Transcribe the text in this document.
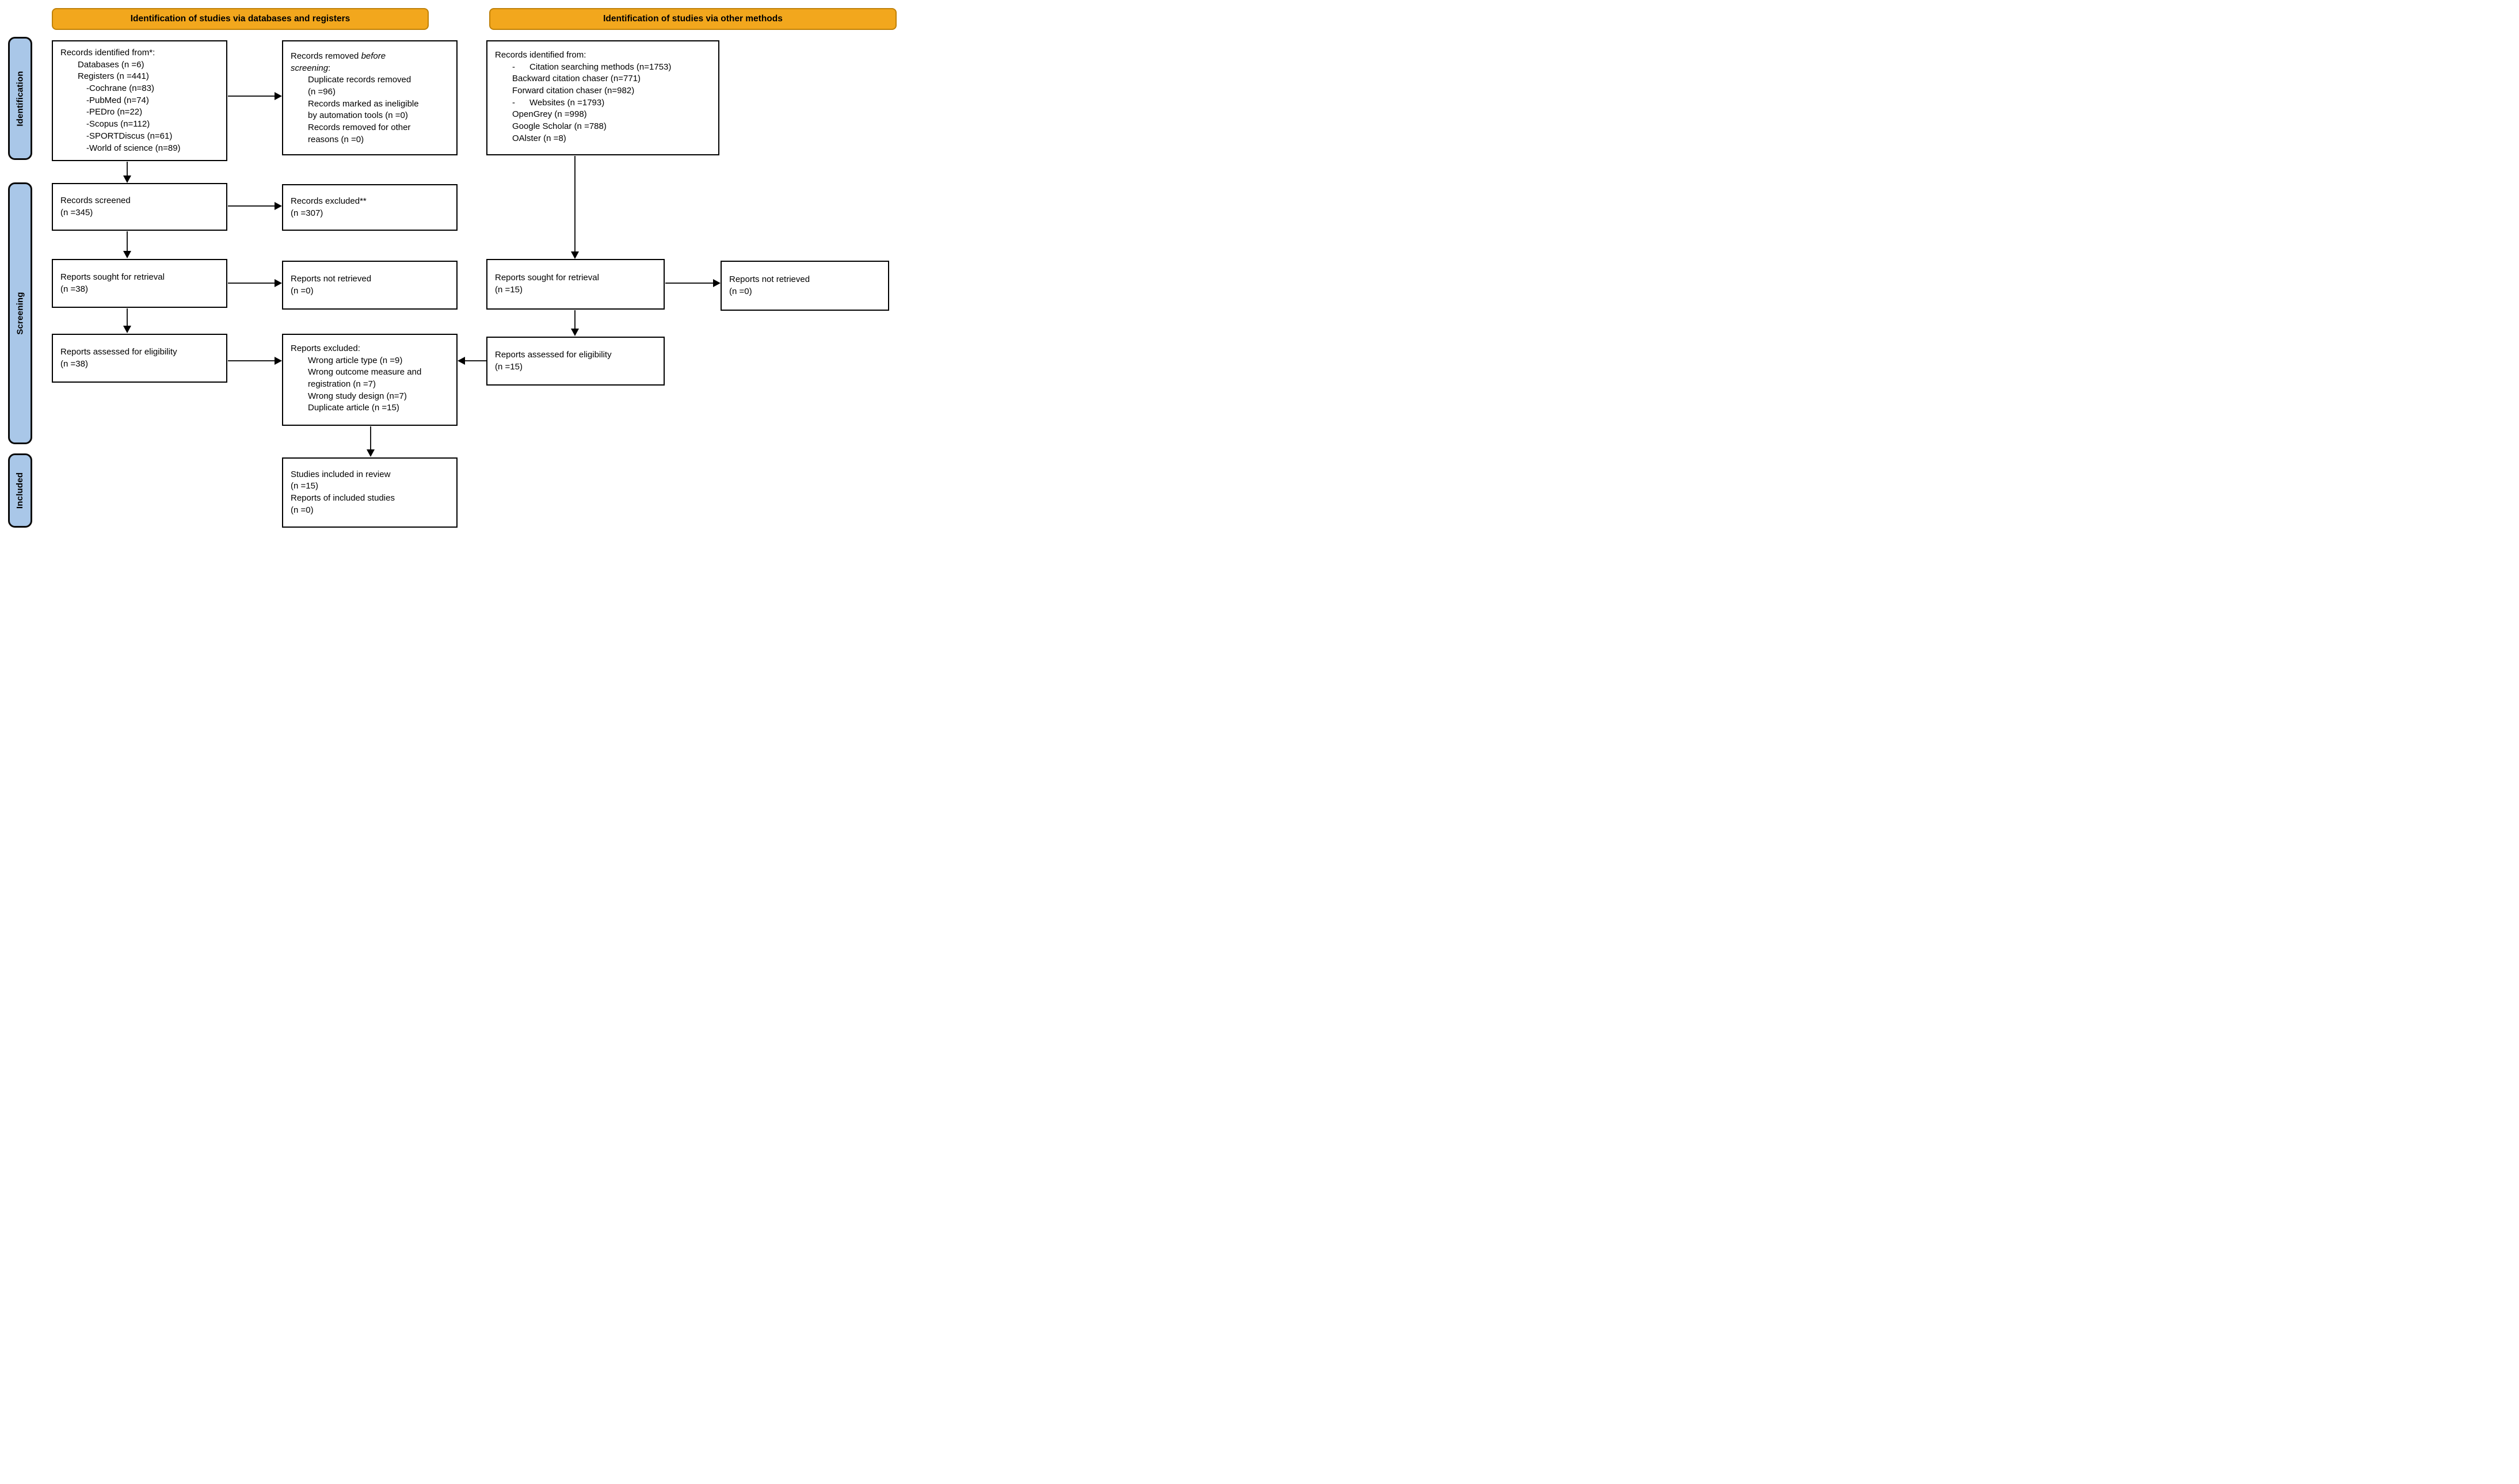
Identification of studies via databases and registers	Identification of studies via other methods
Identification
Screening
Included
Records identified from*:
Databases (n =6)
Registers (n =441)
-Cochrane (n=83)
-PubMed (n=74)
-PEDro (n=22)
-Scopus (n=112)
-SPORTDiscus (n=61)
-World of science (n=89)
Records removed before
screening:
Duplicate records removed
(n =96)
Records marked as ineligible
by automation tools (n =0)
Records removed for other
reasons (n =0)
Records identified from:
-      Citation searching methods (n=1753)
Backward citation chaser (n=771)
Forward citation chaser (n=982)
-      Websites (n =1793)
OpenGrey (n =998)
Google Scholar (n =788)
OAlster (n =8)
Records screened
(n =345)
Records excluded**
(n =307)
Reports sought for retrieval
(n =38)
Reports not retrieved
(n =0)
Reports sought for retrieval
(n =15)
Reports not retrieved
(n =0)
Reports assessed for eligibility
(n =38)
Reports excluded:
Wrong article type (n =9)
Wrong outcome measure and
registration (n =7)
Wrong study design (n=7)
Duplicate article (n =15)
Reports assessed for eligibility
(n =15)
Studies included in review
(n =15)
Reports of included studies
(n =0)
